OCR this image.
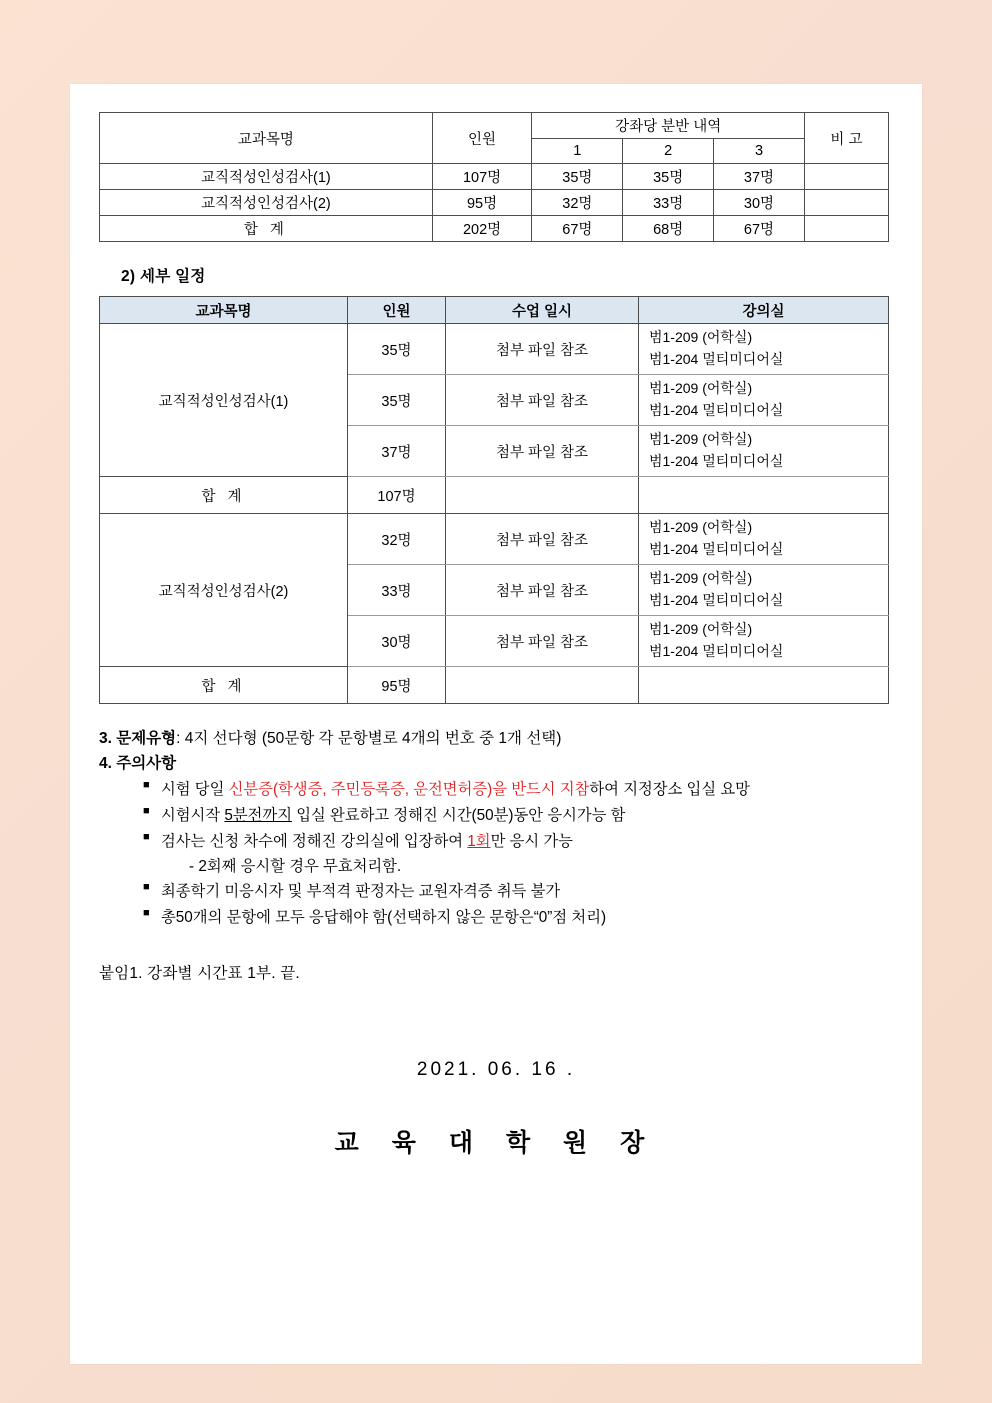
교과목명	인원	강좌당 분반 내역			비 고
		1	2	3	
교직적성인성검사(1)	107명	35명	35명	37명	
교직적성인성검사(2)	95명	32명	33명	30명	
합 계	202명	67명	68명	67명	
2) 세부 일정
교과목명	인원	수업 일시	강의실
교직적성인성검사(1)	35명	첨부 파일 참조	범1-209 (어학실)
범1-204 멀티미디어실

	35명	첨부 파일 참조	범1-209 (어학실)
범1-204 멀티미디어실

	37명	첨부 파일 참조	범1-209 (어학실)
범1-204 멀티미디어실

합 계	107명		
교직적성인성검사(2)	32명	첨부 파일 참조	범1-209 (어학실)
범1-204 멀티미디어실

	33명	첨부 파일 참조	범1-209 (어학실)
범1-204 멀티미디어실

	30명	첨부 파일 참조	범1-209 (어학실)
범1-204 멀티미디어실

합 계	95명		
3. 문제유형: 4지 선다형 (50문항 각 문항별로 4개의 번호 중 1개 선택)
4. 주의사항
■ 시험 당일 신분증(학생증, 주민등록증, 운전면허증)을 반드시 지참하여 지정장소 입실 요망
■ 시험시작 5분전까지 입실 완료하고 정해진 시간(50분)동안 응시가능 함
■ 검사는 신청 차수에 정해진 강의실에 입장하여 1회만 응시 가능
- 2회째 응시할 경우 무효처리함.
■ 최종학기 미응시자 및 부적격 판정자는 교원자격증 취득 불가
■ 총50개의 문항에 모두 응답해야 함(선택하지 않은 문항은“0”점 처리)
붙임1. 강좌별 시간표 1부. 끝.
2021. 06. 16 .
교 육 대 학 원 장
